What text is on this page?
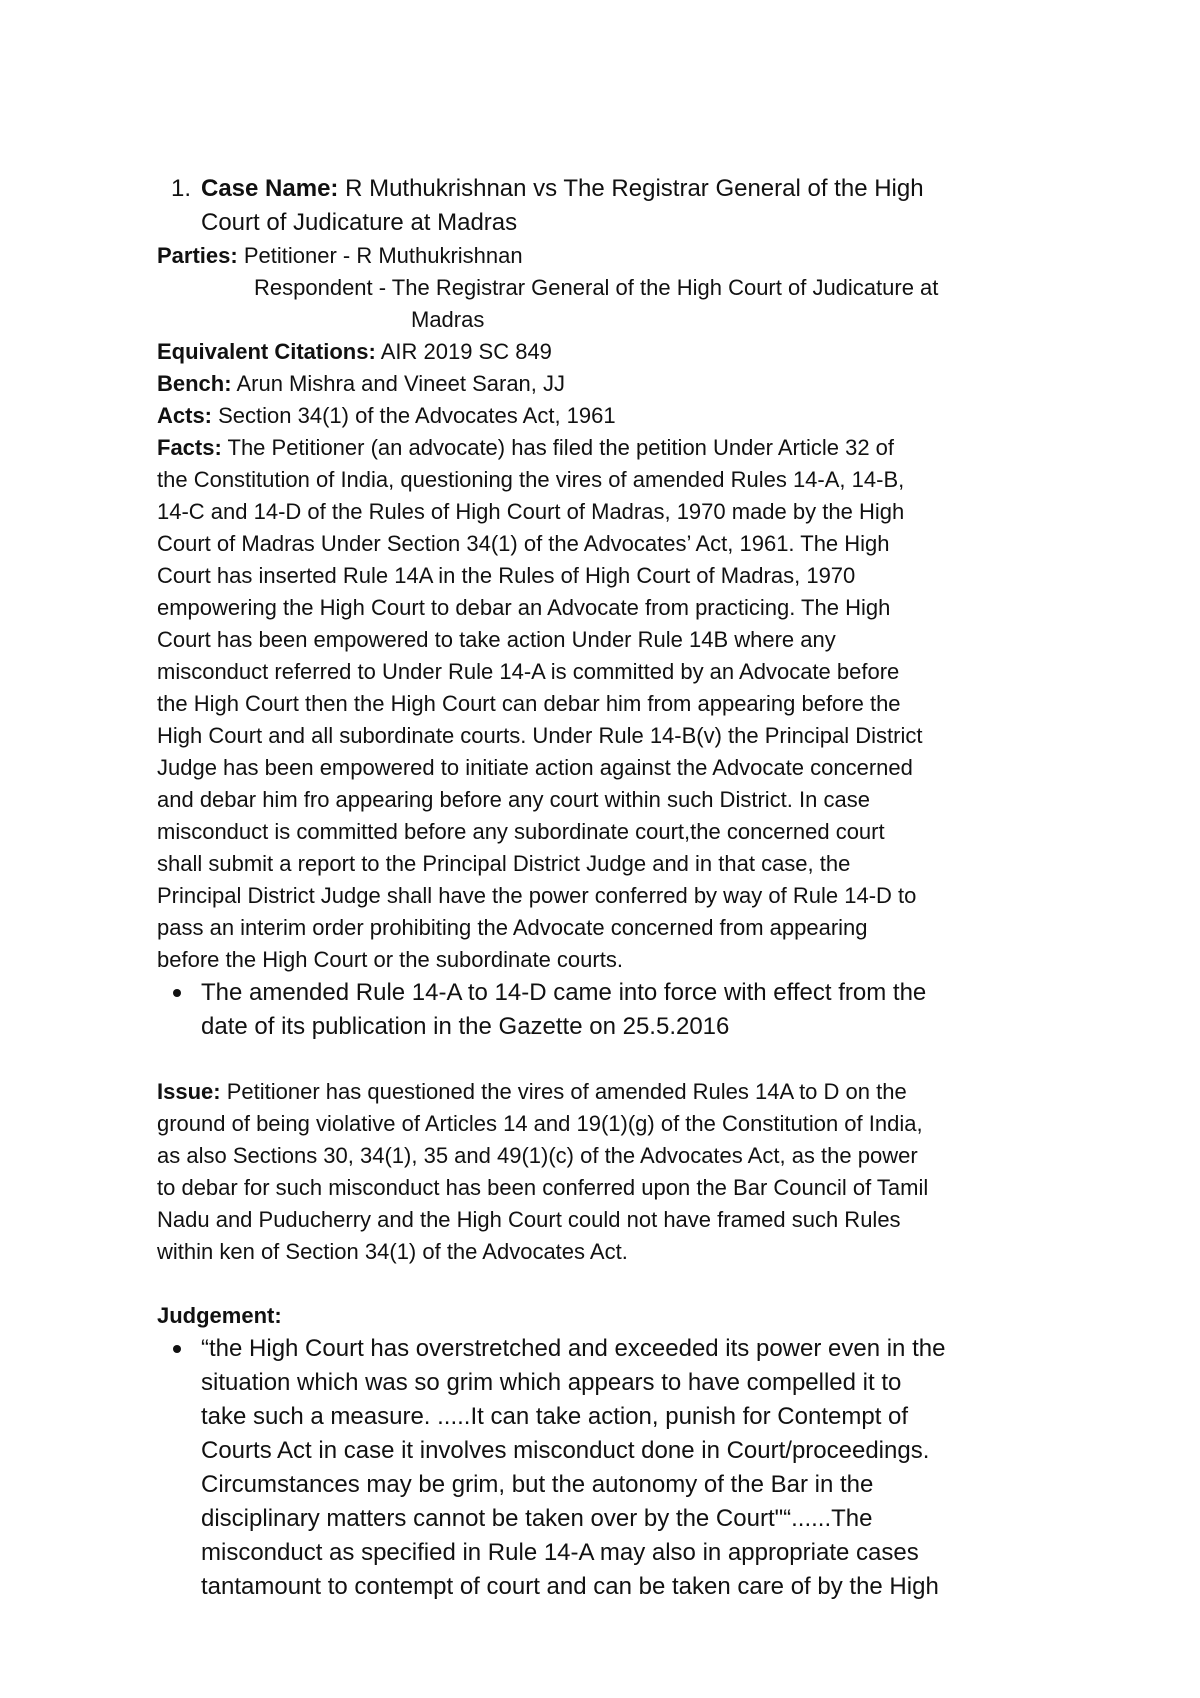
1. Case Name: R Muthukrishnan vs The Registrar General of the High
Court of Judicature at Madras
Parties: Petitioner - R Muthukrishnan
Respondent - The Registrar General of the High Court of Judicature at
Madras
Equivalent Citations: AIR 2019 SC 849
Bench: Arun Mishra and Vineet Saran, JJ
Acts: Section 34(1) of the Advocates Act, 1961
Facts: The Petitioner (an advocate) has filed the petition Under Article 32 of
the Constitution of India, questioning the vires of amended Rules 14-A, 14-B,
14-C and 14-D of the Rules of High Court of Madras, 1970 made by the High
Court of Madras Under Section 34(1) of the Advocates’ Act, 1961. The High
Court has inserted Rule 14A in the Rules of High Court of Madras, 1970
empowering the High Court to debar an Advocate from practicing. The High
Court has been empowered to take action Under Rule 14B where any
misconduct referred to Under Rule 14-A is committed by an Advocate before
the High Court then the High Court can debar him from appearing before the
High Court and all subordinate courts. Under Rule 14-B(v) the Principal District
Judge has been empowered to initiate action against the Advocate concerned
and debar him fro appearing before any court within such District. In case
misconduct is committed before any subordinate court,the concerned court
shall submit a report to the Principal District Judge and in that case, the
Principal District Judge shall have the power conferred by way of Rule 14-D to
pass an interim order prohibiting the Advocate concerned from appearing
before the High Court or the subordinate courts.
The amended Rule 14-A to 14-D came into force with effect from the
date of its publication in the Gazette on 25.5.2016
Issue: Petitioner has questioned the vires of amended Rules 14A to D on the
ground of being violative of Articles 14 and 19(1)(g) of the Constitution of India,
as also Sections 30, 34(1), 35 and 49(1)(c) of the Advocates Act, as the power
to debar for such misconduct has been conferred upon the Bar Council of Tamil
Nadu and Puducherry and the High Court could not have framed such Rules
within ken of Section 34(1) of the Advocates Act.
Judgement:
“the High Court has overstretched and exceeded its power even in the
situation which was so grim which appears to have compelled it to
take such a measure. .....It can take action, punish for Contempt of
Courts Act in case it involves misconduct done in Court/proceedings.
Circumstances may be grim, but the autonomy of the Bar in the
disciplinary matters cannot be taken over by the Court"“......The
misconduct as specified in Rule 14-A may also in appropriate cases
tantamount to contempt of court and can be taken care of by the High
